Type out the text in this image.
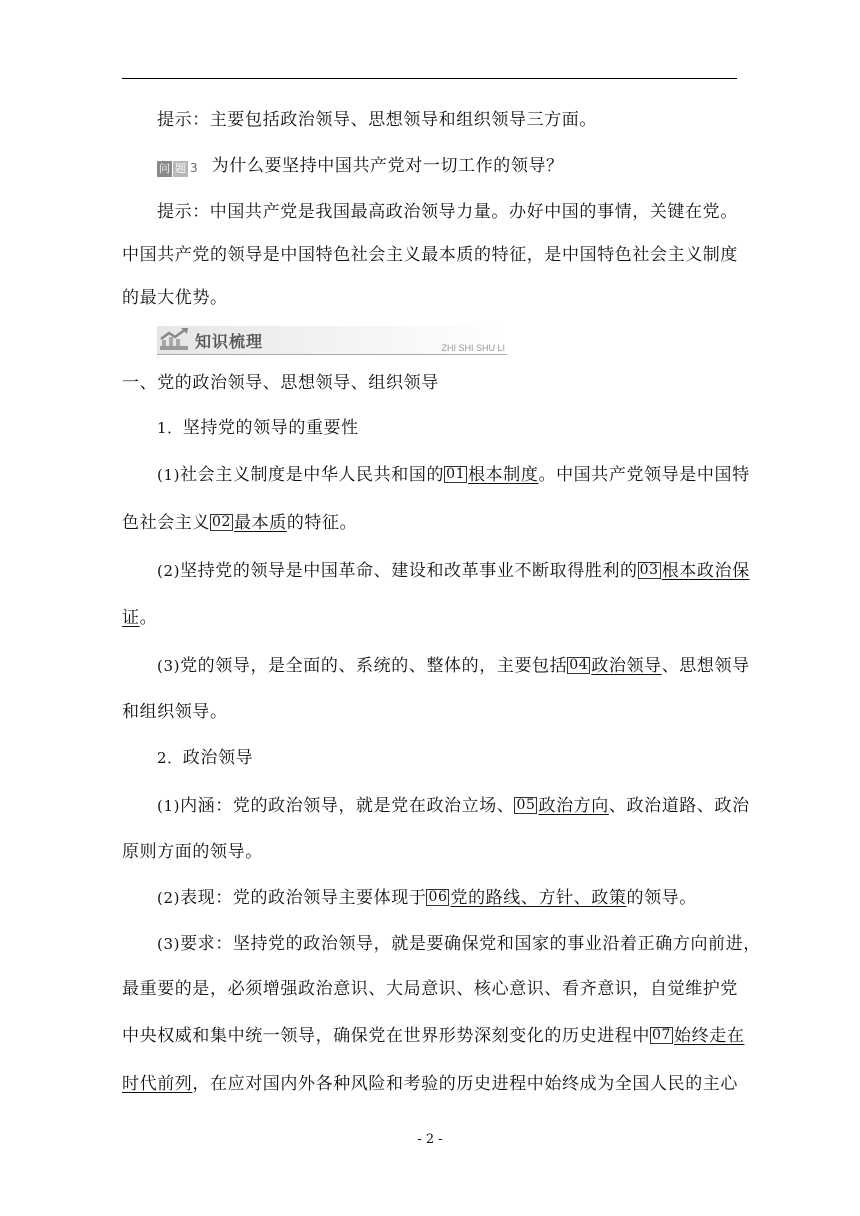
提示：主要包括政治领导、思想领导和组织领导三方面。
问 题 3 为什么要坚持中国共产党对一切工作的领导？
提示：中国共产党是我国最高政治领导力量。办好中国的事情，关键在党。
中国共产党的领导是中国特色社会主义最本质的特征，是中国特色社会主义制度
的最大优势。
知识梳理	ZHI SHI SHU LI
一、党的政治领导、思想领导、组织领导
1．坚持党的领导的重要性
(1)社会主义制度是中华人民共和国的 01 根本制度。中国共产党领导是中国特
色社会主义 02 最本质的特征。
(2)坚持党的领导是中国革命、建设和改革事业不断取得胜利的 03 根本政治保
证。
(3)党的领导，是全面的、系统的、整体的，主要包括 04 政治领导、思想领导
和组织领导。
2．政治领导
(1)内涵：党的政治领导，就是党在政治立场、 05 政治方向、政治道路、政治
原则方面的领导。
(2)表现：党的政治领导主要体现于 06 党的路线、方针、政策的领导。
(3)要求：坚持党的政治领导，就是要确保党和国家的事业沿着正确方向前进，
最重要的是，必须增强政治意识、大局意识、核心意识、看齐意识，自觉维护党
中央权威和集中统一领导，确保党在世界形势深刻变化的历史进程中 07 始终走在
时代前列，在应对国内外各种风险和考验的历史进程中始终成为全国人民的主心
- 2 -
